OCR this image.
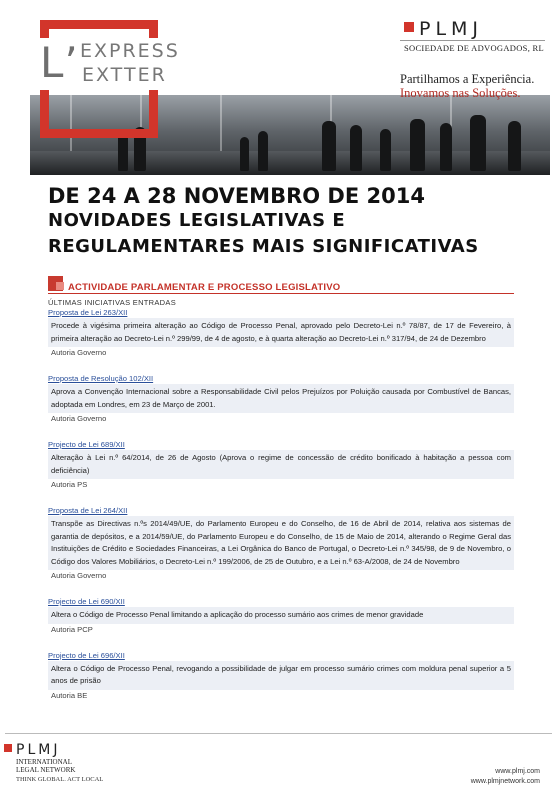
L’ EXPRESS
EXTTER
PLMJ
SOCIEDADE DE ADVOGADOS, RL
Partilhamos a Experiência.
Inovamos nas Soluções.
DE 24 A 28 NOVEMBRO DE 2014
NOVIDADES LEGISLATIVAS E
REGULAMENTARES MAIS SIGNIFICATIVAS
ACTIVIDADE PARLAMENTAR E PROCESSO LEGISLATIVO
ÚLTIMAS INICIATIVAS ENTRADAS
Proposta de Lei 263/XII
Procede à vigésima primeira alteração ao Código de Processo Penal, aprovado pelo Decreto-Lei n.º 78/87, de 17 de Fevereiro, à primeira alteração ao Decreto-Lei n.º 299/99, de 4 de agosto, e à quarta alteração ao Decreto-Lei n.º 317/94, de 24 de Dezembro
Autoria Governo
Proposta de Resolução 102/XII
Aprova a Convenção Internacional sobre a Responsabilidade Civil pelos Prejuízos por Poluição causada por Combustível de Bancas, adoptada em Londres, em 23 de Março de 2001.
Autoria Governo
Projecto de Lei 689/XII
Alteração à Lei n.º 64/2014, de 26 de Agosto (Aprova o regime de concessão de crédito bonificado à habitação a pessoa com deficiência)
Autoria PS
Proposta de Lei 264/XII
Transpõe as Directivas n.ºs 2014/49/UE, do Parlamento Europeu e do Conselho, de 16 de Abril de 2014, relativa aos sistemas de garantia de depósitos, e a 2014/59/UE, do Parlamento Europeu e do Conselho, de 15 de Maio de 2014, alterando o Regime Geral das Instituições de Crédito e Sociedades Financeiras, a Lei Orgânica do Banco de Portugal, o Decreto-Lei n.º 345/98, de 9 de Novembro, o Código dos Valores Mobiliários, o Decreto-Lei n.º 199/2006, de 25 de Outubro, e a Lei n.º 63-A/2008, de 24 de Novembro
Autoria Governo
Projecto de Lei 690/XII
Altera o Código de Processo Penal limitando a aplicação do processo sumário aos crimes de menor gravidade
Autoria PCP
Projecto de Lei 696/XII
Altera o Código de Processo Penal, revogando a possibilidade de julgar em processo sumário crimes com moldura penal superior a 5 anos de prisão
Autoria BE
PLMJ
INTERNATIONAL
LEGAL NETWORK
THINK GLOBAL. ACT LOCAL
www.plmj.com
www.plmjnetwork.com
